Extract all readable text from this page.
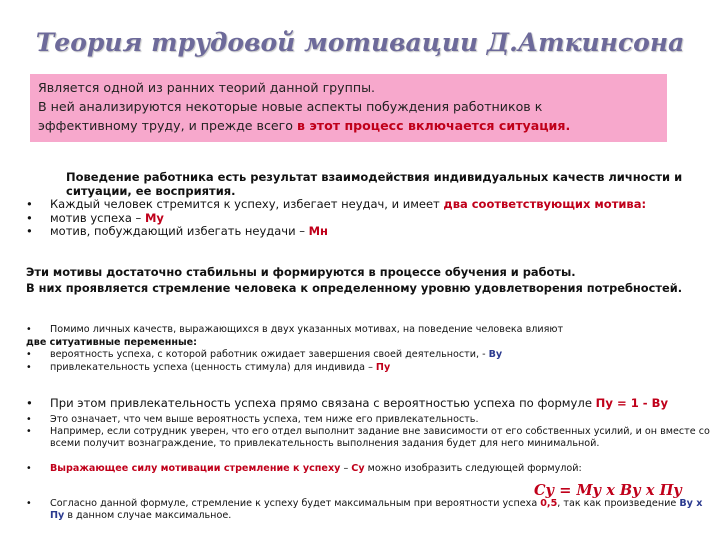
Теория трудовой мотивации Д.Аткинсона
Является одной из ранних теорий данной группы.
В ней анализируются некоторые новые аспекты побуждения работников к
эффективному труду, и прежде всего в этот процесс включается ситуация.
Поведение работника есть результат взаимодействия индивидуальных качеств личности и ситуации, ее восприятия.
• Каждый человек стремится к успеху, избегает неудач, и имеет два соответствующих мотива:
• мотив успеха – Му
• мотив, побуждающий избегать неудачи – Мн
Эти мотивы достаточно стабильны и формируются в процессе обучения и работы.
В них проявляется стремление человека к определенному уровню удовлетворения потребностей.
• Помимо личных качеств, выражающихся в двух указанных мотивах, на поведение человека влияют
две ситуативные переменные:
• вероятность успеха, с которой работник ожидает завершения своей деятельности, - Ву
• привлекательность успеха (ценность стимула) для индивида – Пу
• При этом привлекательность успеха прямо связана с вероятностью успеха по формуле Пу = 1 - Ву
• Это означает, что чем выше вероятность успеха, тем ниже его привлекательность.
• Например, если сотрудник уверен, что его отдел выполнит задание вне зависимости от его собственных усилий, и он вместе со всеми получит вознаграждение, то привлекательность выполнения задания будет для него минимальной.
• Выражающее силу мотивации стремление к успеху – Су можно изобразить следующей формулой:
Су = Му х Ву х Пу
• Согласно данной формуле, стремление к успеху будет максимальным при вероятности успеха 0,5, так как произведение Ву х Пу в данном случае максимальное.
